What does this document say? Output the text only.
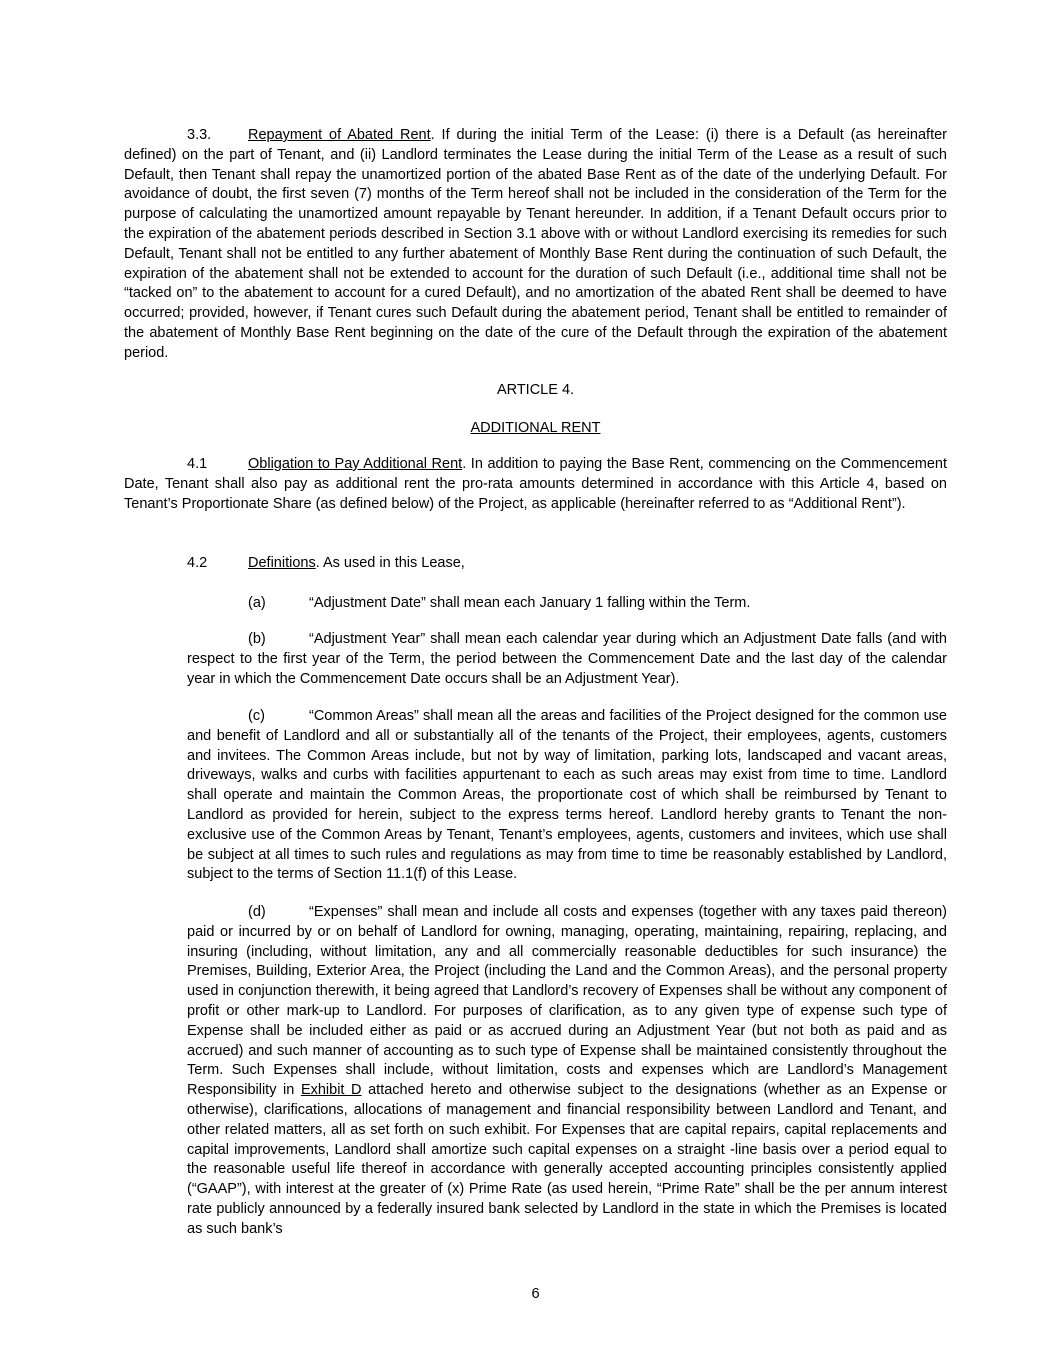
3.3.	Repayment of Abated Rent. If during the initial Term of the Lease: (i) there is a Default (as hereinafter defined) on the part of Tenant, and (ii) Landlord terminates the Lease during the initial Term of the Lease as a result of such Default, then Tenant shall repay the unamortized portion of the abated Base Rent as of the date of the underlying Default. For avoidance of doubt, the first seven (7) months of the Term hereof shall not be included in the consideration of the Term for the purpose of calculating the unamortized amount repayable by Tenant hereunder. In addition, if a Tenant Default occurs prior to the expiration of the abatement periods described in Section 3.1 above with or without Landlord exercising its remedies for such Default, Tenant shall not be entitled to any further abatement of Monthly Base Rent during the continuation of such Default, the expiration of the abatement shall not be extended to account for the duration of such Default (i.e., additional time shall not be “tacked on” to the abatement to account for a cured Default), and no amortization of the abated Rent shall be deemed to have occurred; provided, however, if Tenant cures such Default during the abatement period, Tenant shall be entitled to remainder of the abatement of Monthly Base Rent beginning on the date of the cure of the Default through the expiration of the abatement period.

ARTICLE 4.

ADDITIONAL RENT

4.1	Obligation to Pay Additional Rent. In addition to paying the Base Rent, commencing on the Commencement Date, Tenant shall also pay as additional rent the pro-rata amounts determined in accordance with this Article 4, based on Tenant’s Proportionate Share (as defined below) of the Project, as applicable (hereinafter referred to as “Additional Rent”).

4.2	Definitions. As used in this Lease,

(a)	“Adjustment Date” shall mean each January 1 falling within the Term.

(b)	“Adjustment Year” shall mean each calendar year during which an Adjustment Date falls (and with respect to the first year of the Term, the period between the Commencement Date and the last day of the calendar year in which the Commencement Date occurs shall be an Adjustment Year).

(c)	“Common Areas” shall mean all the areas and facilities of the Project designed for the common use and benefit of Landlord and all or substantially all of the tenants of the Project, their employees, agents, customers and invitees. The Common Areas include, but not by way of limitation, parking lots, landscaped and vacant areas, driveways, walks and curbs with facilities appurtenant to each as such areas may exist from time to time. Landlord shall operate and maintain the Common Areas, the proportionate cost of which shall be reimbursed by Tenant to Landlord as provided for herein, subject to the express terms hereof. Landlord hereby grants to Tenant the non-exclusive use of the Common Areas by Tenant, Tenant’s employees, agents, customers and invitees, which use shall be subject at all times to such rules and regulations as may from time to time be reasonably established by Landlord, subject to the terms of Section 11.1(f) of this Lease.

(d)	“Expenses” shall mean and include all costs and expenses (together with any taxes paid thereon) paid or incurred by or on behalf of Landlord for owning, managing, operating, maintaining, repairing, replacing, and insuring (including, without limitation, any and all commercially reasonable deductibles for such insurance) the Premises, Building, Exterior Area, the Project (including the Land and the Common Areas), and the personal property used in conjunction therewith, it being agreed that Landlord’s recovery of Expenses shall be without any component of profit or other mark-up to Landlord. For purposes of clarification, as to any given type of expense such type of Expense shall be included either as paid or as accrued during an Adjustment Year (but not both as paid and as accrued) and such manner of accounting as to such type of Expense shall be maintained consistently throughout the Term. Such Expenses shall include, without limitation, costs and expenses which are Landlord’s Management Responsibility in Exhibit D attached hereto and otherwise subject to the designations (whether as an Expense or otherwise), clarifications, allocations of management and financial responsibility between Landlord and Tenant, and other related matters, all as set forth on such exhibit. For Expenses that are capital repairs, capital replacements and capital improvements, Landlord shall amortize such capital expenses on a straight -line basis over a period equal to the reasonable useful life thereof in accordance with generally accepted accounting principles consistently applied (“GAAP”), with interest at the greater of (x) Prime Rate (as used herein, “Prime Rate” shall be the per annum interest rate publicly announced by a federally insured bank selected by Landlord in the state in which the Premises is located as such bank’s

6
